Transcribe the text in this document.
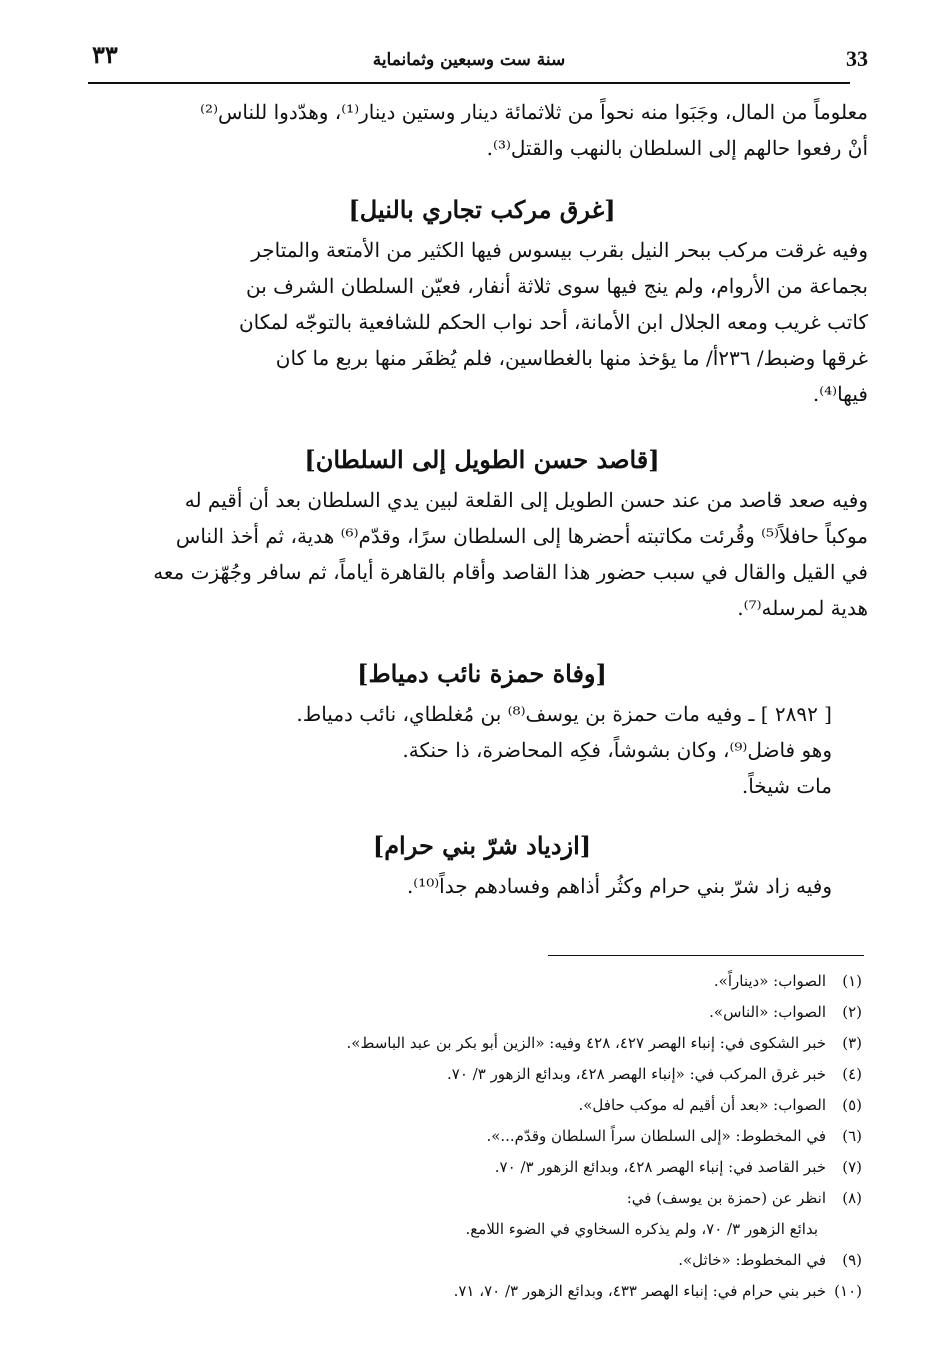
٣٣	سنة ست وسبعين وثمانماية	33

معلوماً من المال، وجَبَوا منه نحواً من ثلاثمائة دينار وستين دينار⁽¹⁾، وهدّدوا للناس⁽²⁾

أنْ رفعوا حالهم إلى السلطان بالنهب والقتل⁽³⁾.

[غرق مركب تجاري بالنيل]

وفيه غرقت مركب ببحر النيل بقرب بيسوس فيها الكثير من الأمتعة والمتاجر

بجماعة من الأروام، ولم ينج فيها سوى ثلاثة أنفار، فعيّن السلطان الشرف بن

كاتب غريب ومعه الجلال ابن الأمانة، أحد نواب الحكم للشافعية بالتوجّه لمكان

غرقها وضبط/ ٢٣٦أ/ ما يؤخذ منها بالغطاسين، فلم يُظفَر منها بربع ما كان

فيها⁽⁴⁾.

[قاصد حسن الطويل إلى السلطان]

وفيه صعد قاصد من عند حسن الطويل إلى القلعة لبين يدي السلطان بعد أن أقيم له

موكباً حافلاً⁽⁵⁾ وقُرئت مكاتبته أحضرها إلى السلطان سرًا، وقدّم⁽⁶⁾ هدية، ثم أخذ الناس

في القيل والقال في سبب حضور هذا القاصد وأقام بالقاهرة أياماً، ثم سافر وجُهّزت معه

هدية لمرسله⁽⁷⁾.

[وفاة حمزة نائب دمياط]

[ ٢٨٩٢ ] ـ وفيه مات حمزة بن يوسف⁽⁸⁾ بن مُغلطاي، نائب دمياط.

وهو فاضل⁽⁹⁾، وكان بشوشاً، فكِه المحاضرة، ذا حنكة.

مات شيخاً.

[ازدياد شرّ بني حرام]

وفيه زاد شرّ بني حرام وكثُر أذاهم وفسادهم جداً⁽¹⁰⁾.

(١)الصواب: «ديناراً».

(٢)الصواب: «الناس».

(٣)خبر الشكوى في: إنباء الهصر ٤٢٧، ٤٢٨ وفيه: «الزين أبو بكر بن عبد الباسط».

(٤)خبر غرق المركب في: «إنباء الهصر ٤٢٨، وبدائع الزهور ٣/ ٧٠.

(٥)الصواب: «بعد أن أقيم له موكب حافل».

(٦)في المخطوط: «إلى السلطان سراً السلطان وقدّم...».

(٧)خبر القاصد في: إنباء الهصر ٤٢٨، وبدائع الزهور ٣/ ٧٠.

(٨)انظر عن (حمزة بن يوسف) في:

بدائع الزهور ٣/ ٧٠، ولم يذكره السخاوي في الضوء اللامع.

(٩)في المخطوط: «خاثل».

(١٠)خبر بني حرام في: إنباء الهصر ٤٣٣، وبدائع الزهور ٣/ ٧٠، ٧١.
